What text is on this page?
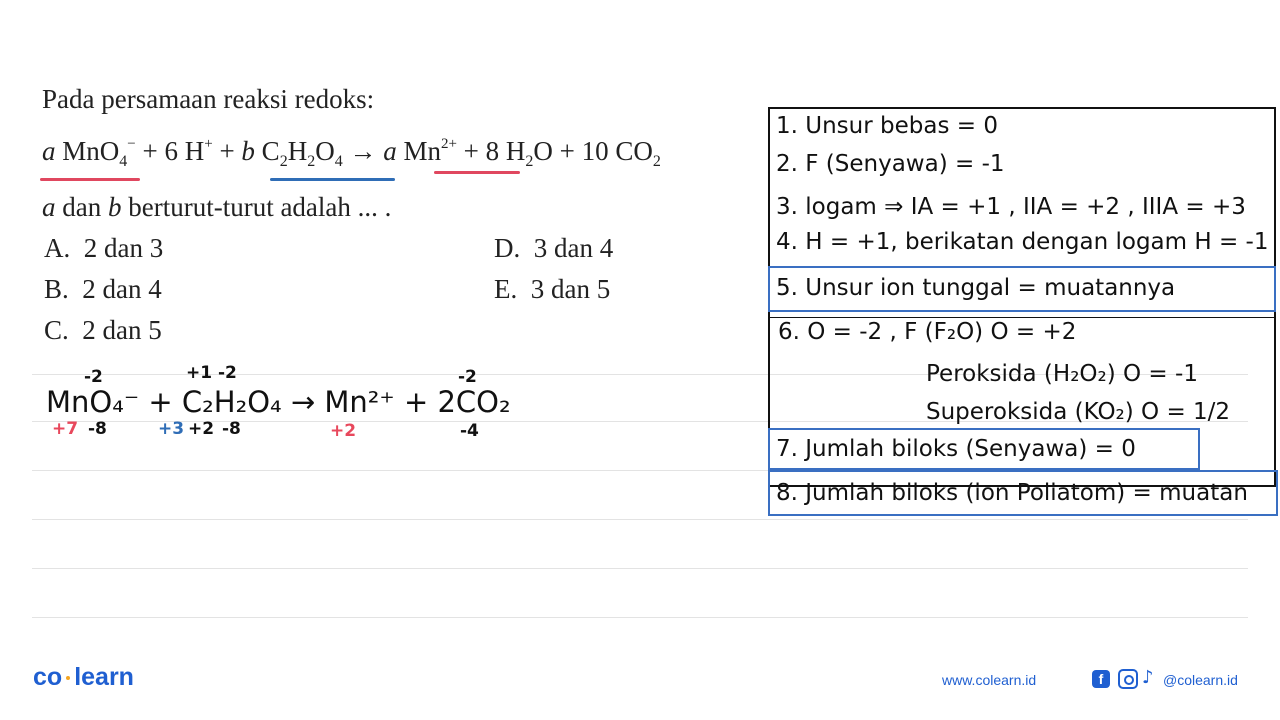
Pada persamaan reaksi redoks:
a MnO$_4$− + 6 H+ + b $C_2H_2O_4 \to a$ $Mn^{2+} + 8$ $H_2O + 10$ $CO_2$
a dan b berturut-turut adalah ... .
A. 2 dan 3
B. 2 dan 4
C. 2 dan 5
D. 3 dan 4
E. 3 dan 5
-2	+1 -2	-2
MnO₄⁻ + C₂H₂O₄ → Mn²⁺ + 2CO₂
+7 -8	+3 +2 -8	+2	-4
1. Unsur bebas = 0
2. F (Senyawa) = -1
3. logam ⇒ IA = +1 , IIA = +2 , IIIA = +3
4. H = +1, berikatan dengan logam H = -1
6. O = -2 , F (F₂O) O = +2
Peroksida (H₂O₂) O = -1
Superoksida (KO₂) O = 1/2
5. Unsur ion tunggal = muatannya
7. Jumlah biloks (Senyawa) = 0
8. Jumlah biloks (ion Poliatom) = muatan
co learn	www.colearn.id	f	♪ @colearn.id
